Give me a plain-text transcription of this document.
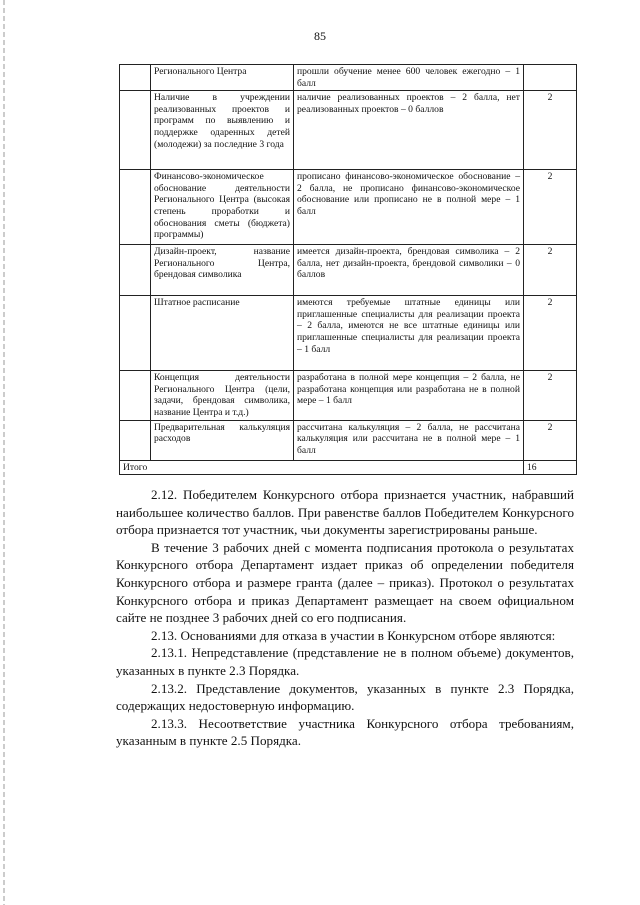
85
	Регионального Центра	прошли обучение менее 600 человек ежегодно – 1 балл	
	Наличие в учреждении реализованных проектов и программ по выявлению и поддержке одаренных детей (молодежи) за последние 3 года	наличие реализованных проектов – 2 балла, нет реализованных проектов – 0 баллов	2
	Финансово-экономическое обоснование деятельности Регионального Центра (высокая степень проработки и обоснования сметы (бюджета) программы)	прописано финансово-экономическое обоснование – 2 балла, не прописано финансово-экономическое обоснование или прописано не в полной мере – 1 балл	2
	Дизайн-проект, название Регионального Центра, брендовая символика	имеется дизайн-проекта, брендовая символика – 2 балла, нет дизайн-проекта, брендовой символики – 0 баллов	2
	Штатное расписание	имеются требуемые штатные единицы или приглашенные специалисты для реализации проекта – 2 балла, имеются не все штатные единицы или приглашенные специалисты для реализации проекта – 1 балл	2
	Концепция деятельности Регионального Центра (цели, задачи, брендовая символика, название Центра и т.д.)	разработана в полной мере концепция – 2 балла, не разработана концепция или разработана не в полной мере – 1 балл	2
	Предварительная калькуляция расходов	рассчитана калькуляция – 2 балла, не рассчитана калькуляция или рассчитана не в полной мере – 1 балл	2
Итого			16

2.12. Победителем Конкурсного отбора признается участник, набравший наибольшее количество баллов. При равенстве баллов Победителем Конкурсного отбора признается тот участник, чьи документы зарегистрированы раньше.

В течение 3 рабочих дней с момента подписания протокола о результатах Конкурсного отбора Департамент издает приказ об определении победителя Конкурсного отбора и размере гранта (далее – приказ). Протокол о результатах Конкурсного отбора и приказ Департамент размещает на своем официальном сайте не позднее 3 рабочих дней со его подписания.

2.13. Основаниями для отказа в участии в Конкурсном отборе являются:

2.13.1. Непредставление (представление не в полном объеме) документов, указанных в пункте 2.3 Порядка.

2.13.2. Представление документов, указанных в пункте 2.3 Порядка, содержащих недостоверную информацию.

2.13.3. Несоответствие участника Конкурсного отбора требованиям, указанным в пункте 2.5 Порядка.
